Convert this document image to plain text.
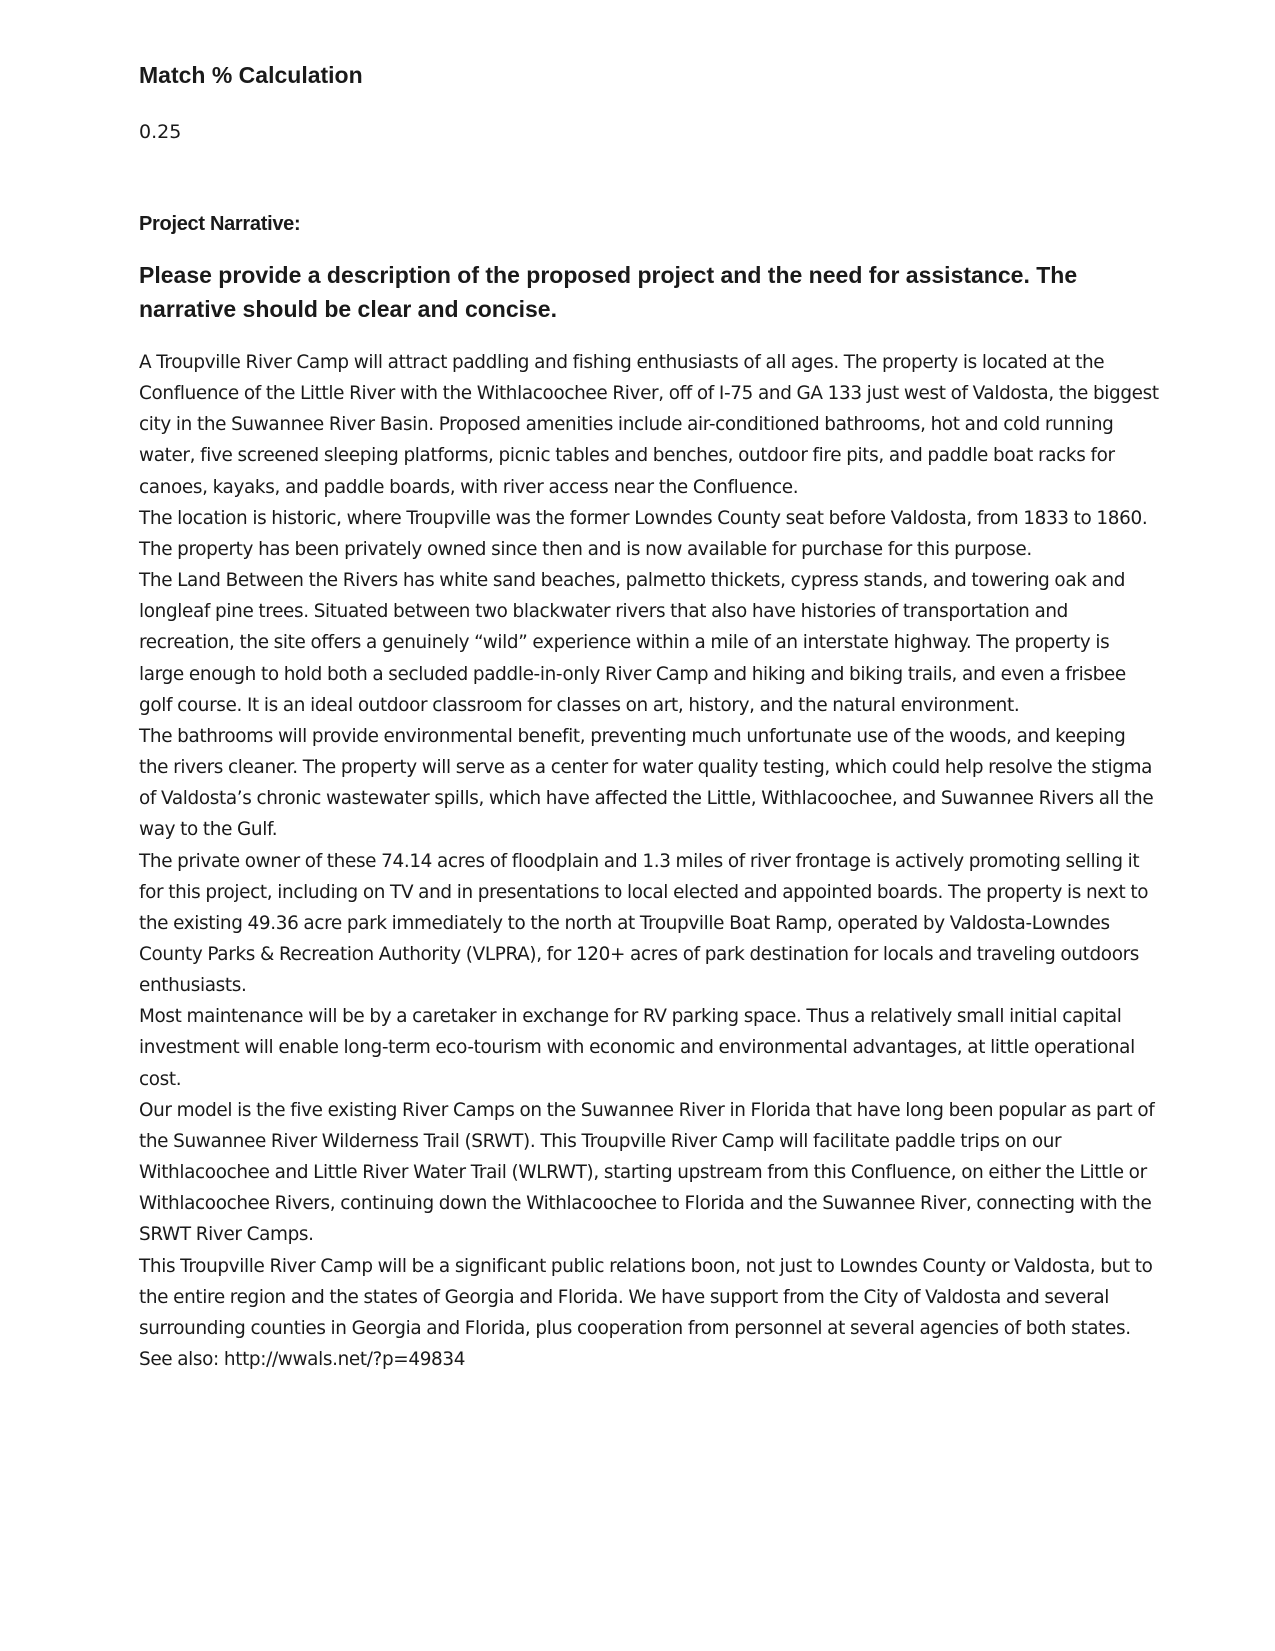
Match % Calculation

0.25

Project Narrative:

Please provide a description of the proposed project and the need for assistance. The narrative should be clear and concise.

A Troupville River Camp will attract paddling and fishing enthusiasts of all ages. The property is located at the Confluence of the Little River with the Withlacoochee River, off of I-75 and GA 133 just west of Valdosta, the biggest city in the Suwannee River Basin. Proposed amenities include air-conditioned bathrooms, hot and cold running water, five screened sleeping platforms, picnic tables and benches, outdoor fire pits, and paddle boat racks for canoes, kayaks, and paddle boards, with river access near the Confluence.

The location is historic, where Troupville was the former Lowndes County seat before Valdosta, from 1833 to 1860. The property has been privately owned since then and is now available for purchase for this purpose.

The Land Between the Rivers has white sand beaches, palmetto thickets, cypress stands, and towering oak and longleaf pine trees. Situated between two blackwater rivers that also have histories of transportation and recreation, the site offers a genuinely “wild” experience within a mile of an interstate highway. The property is large enough to hold both a secluded paddle-in-only River Camp and hiking and biking trails, and even a frisbee golf course. It is an ideal outdoor classroom for classes on art, history, and the natural environment.

The bathrooms will provide environmental benefit, preventing much unfortunate use of the woods, and keeping the rivers cleaner. The property will serve as a center for water quality testing, which could help resolve the stigma of Valdosta’s chronic wastewater spills, which have affected the Little, Withlacoochee, and Suwannee Rivers all the way to the Gulf.

The private owner of these 74.14 acres of floodplain and 1.3 miles of river frontage is actively promoting selling it for this project, including on TV and in presentations to local elected and appointed boards. The property is next to the existing 49.36 acre park immediately to the north at Troupville Boat Ramp, operated by Valdosta-Lowndes County Parks & Recreation Authority (VLPRA), for 120+ acres of park destination for locals and traveling outdoors enthusiasts.

Most maintenance will be by a caretaker in exchange for RV parking space. Thus a relatively small initial capital investment will enable long-term eco-tourism with economic and environmental advantages, at little operational cost.

Our model is the five existing River Camps on the Suwannee River in Florida that have long been popular as part of the Suwannee River Wilderness Trail (SRWT). This Troupville River Camp will facilitate paddle trips on our Withlacoochee and Little River Water Trail (WLRWT), starting upstream from this Confluence, on either the Little or Withlacoochee Rivers, continuing down the Withlacoochee to Florida and the Suwannee River, connecting with the SRWT River Camps.

This Troupville River Camp will be a significant public relations boon, not just to Lowndes County or Valdosta, but to the entire region and the states of Georgia and Florida. We have support from the City of Valdosta and several surrounding counties in Georgia and Florida, plus cooperation from personnel at several agencies of both states.

See also: http://wwals.net/?p=49834
